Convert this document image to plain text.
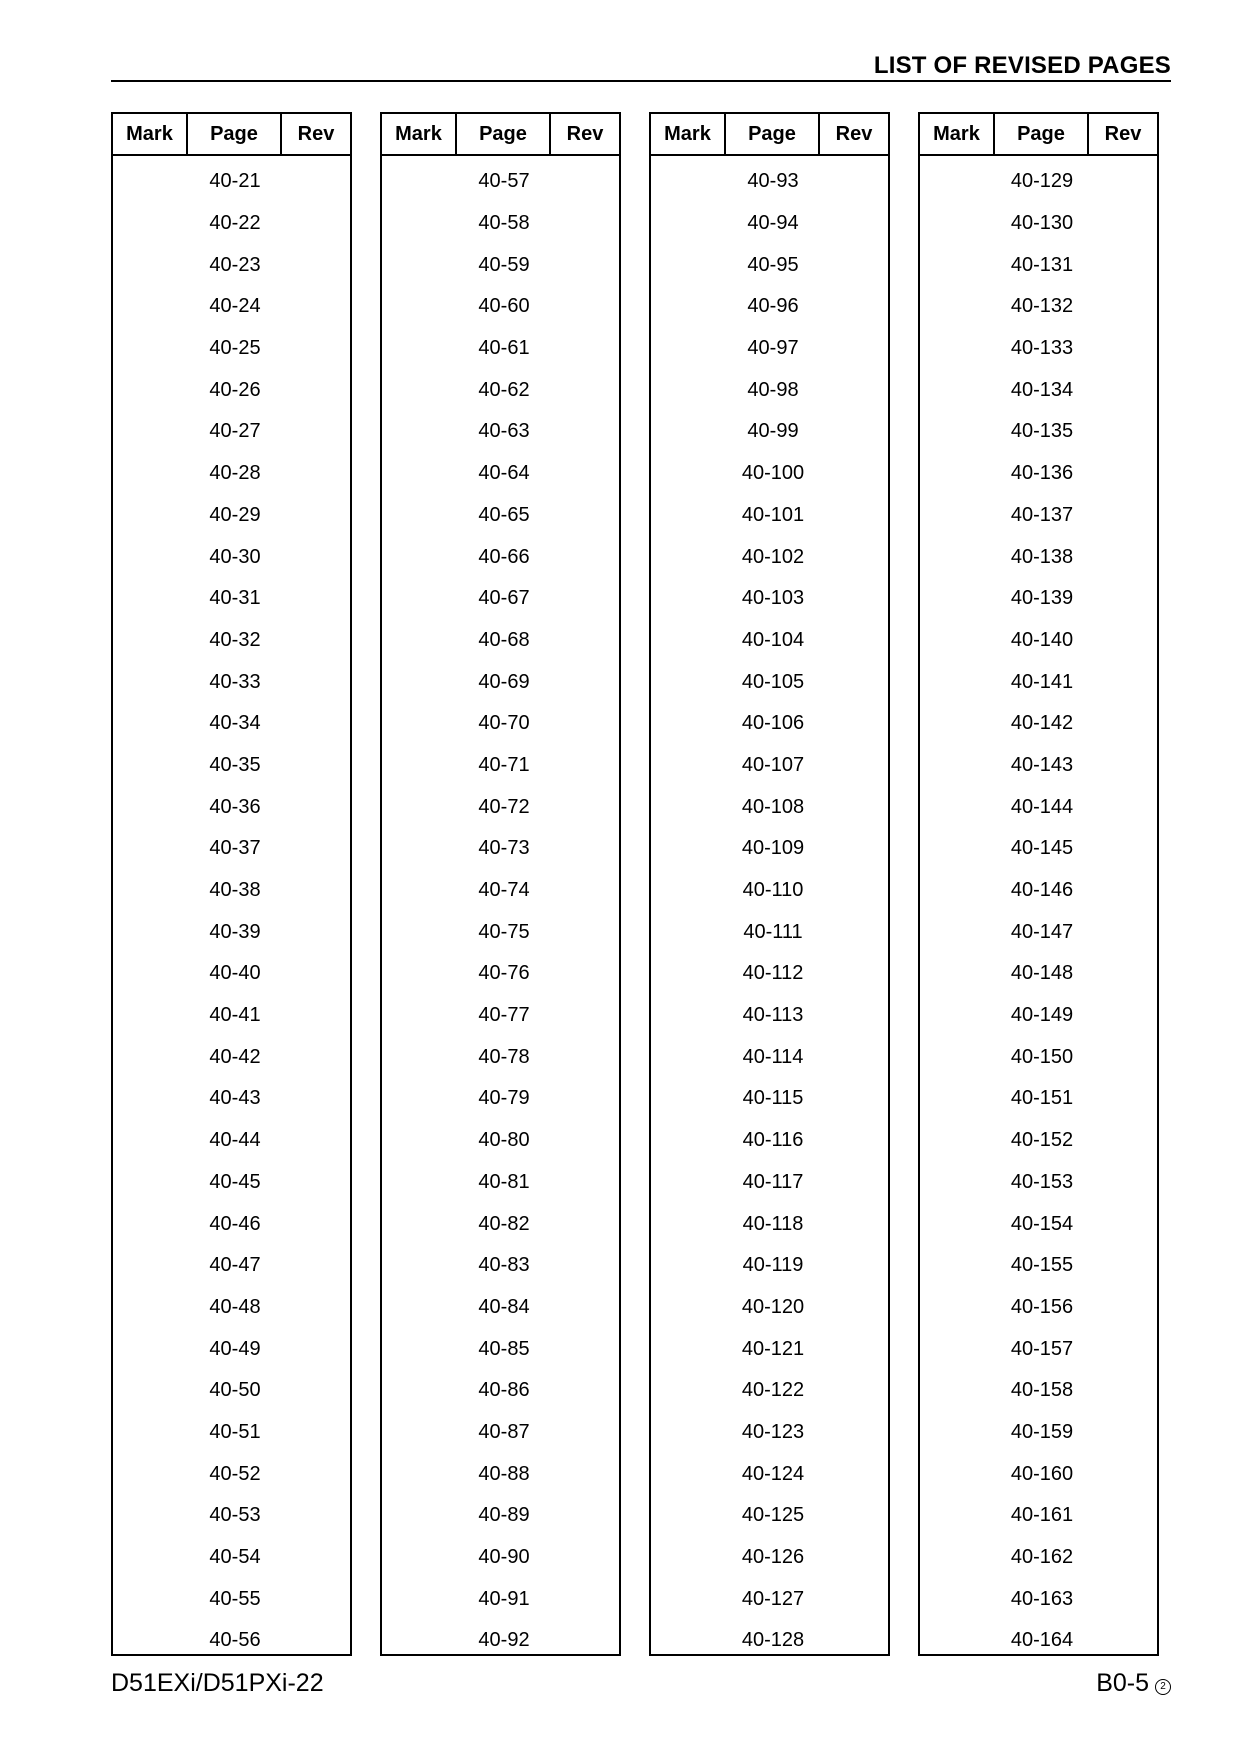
LIST OF REVISED PAGES
Mark	Page	Rev
40-21
40-22
40-23
40-24
40-25
40-26
40-27
40-28
40-29
40-30
40-31
40-32
40-33
40-34
40-35
40-36
40-37
40-38
40-39
40-40
40-41
40-42
40-43
40-44
40-45
40-46
40-47
40-48
40-49
40-50
40-51
40-52
40-53
40-54
40-55
40-56
Mark	Page	Rev
40-57
40-58
40-59
40-60
40-61
40-62
40-63
40-64
40-65
40-66
40-67
40-68
40-69
40-70
40-71
40-72
40-73
40-74
40-75
40-76
40-77
40-78
40-79
40-80
40-81
40-82
40-83
40-84
40-85
40-86
40-87
40-88
40-89
40-90
40-91
40-92
Mark	Page	Rev
40-93
40-94
40-95
40-96
40-97
40-98
40-99
40-100
40-101
40-102
40-103
40-104
40-105
40-106
40-107
40-108
40-109
40-110
40-111
40-112
40-113
40-114
40-115
40-116
40-117
40-118
40-119
40-120
40-121
40-122
40-123
40-124
40-125
40-126
40-127
40-128
Mark	Page	Rev
40-129
40-130
40-131
40-132
40-133
40-134
40-135
40-136
40-137
40-138
40-139
40-140
40-141
40-142
40-143
40-144
40-145
40-146
40-147
40-148
40-149
40-150
40-151
40-152
40-153
40-154
40-155
40-156
40-157
40-158
40-159
40-160
40-161
40-162
40-163
40-164
D51EXi/D51PXi-22	B0-5	2
